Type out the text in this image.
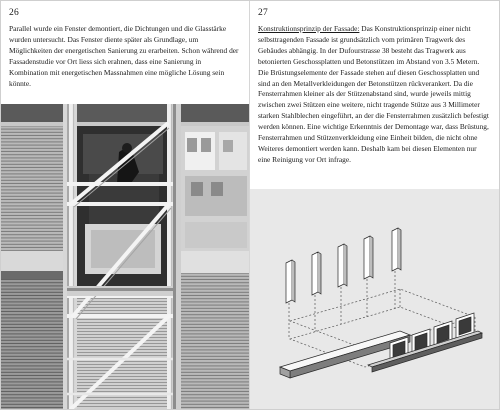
26

Parallel wurde ein Fenster demontiert, die Dichtungen und die Glasstärke wurden untersucht. Das Fenster diente später als Grundlage, um Möglichkeiten der energetischen Sanierung zu erarbeiten. Schon während der Fassadenstudie vor Ort liess sich erahnen, dass eine Sanierung in Kombination mit energetischen Massnahmen eine mögliche Lösung sein könnte.

27

Konstruktionsprinzip der Fassade: Das Konstruktionsprinzip einer nicht selbsttragenden Fassade ist grundsätzlich vom primären Tragwerk des Gebäudes abhängig. In der Dufourstrasse 38 besteht das Tragwerk aus betonierten Geschossplatten und Betonstützen im Abstand von 3.5 Metern. Die Brüstungselemente der Fassade stehen auf diesen Geschossplatten und sind an den Metallverkleidungen der Betonstützen rückverankert. Da die Fensterrahmen kleiner als der Stützenabstand sind, wurde jeweils mittig zwischen zwei Stützen eine weitere, nicht tragende Stütze aus 3 Millimeter starken Stahlblechen eingeführt, an der die Fensterrahmen zusätzlich befestigt werden können. Eine wichtige Erkenntnis der Demontage war, dass Brüstung, Fensterrahmen und Stützenverkleidung eine Einheit bilden, die nicht ohne Weiteres demontiert werden kann. Deshalb kam bei diesen Elementen nur eine Reinigung vor Ort infrage.
